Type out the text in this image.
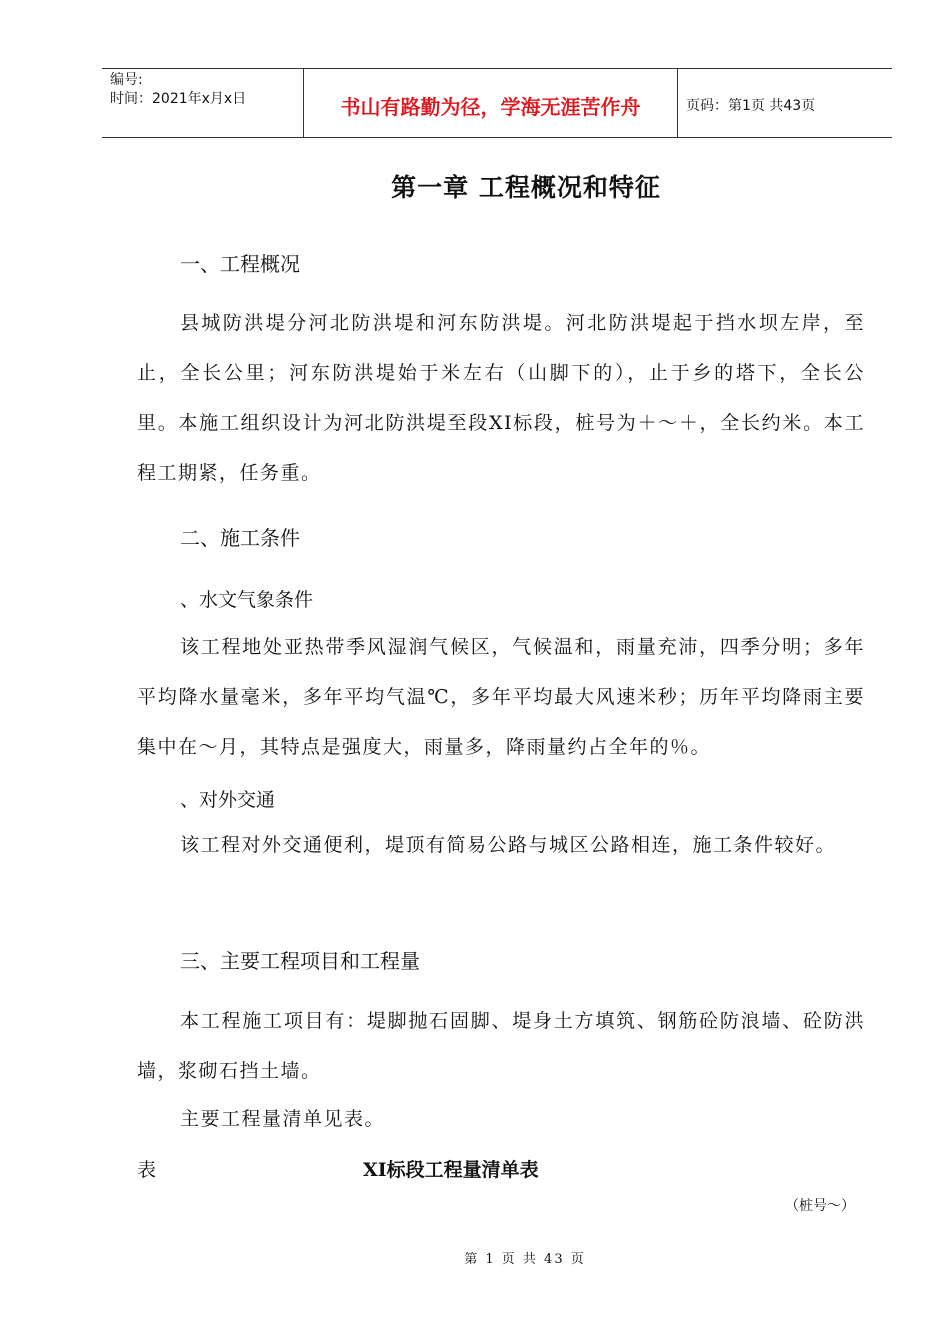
编号:
时间：2021年x月x日	书山有路勤为径，学海无涯苦作舟	页码：第1页 共43页
第一章 工程概况和特征
一、工程概况
县城防洪堤分河北防洪堤和河东防洪堤。河北防洪堤起于挡水坝左岸，至止，全长公里；河东防洪堤始于米左右（山脚下的），止于乡的塔下，全长公里。本施工组织设计为河北防洪堤至段XI标段，桩号为＋～＋，全长约米。本工程工期紧，任务重。
二、施工条件
、水文气象条件
该工程地处亚热带季风湿润气候区，气候温和，雨量充沛，四季分明；多年平均降水量毫米，多年平均气温℃，多年平均最大风速米秒；历年平均降雨主要集中在～月，其特点是强度大，雨量多，降雨量约占全年的％。
、对外交通
该工程对外交通便利，堤顶有简易公路与城区公路相连，施工条件较好。
三、主要工程项目和工程量
本工程施工项目有：堤脚抛石固脚、堤身土方填筑、钢筋砼防浪墙、砼防洪墙，浆砌石挡土墙。
主要工程量清单见表。
表	XI标段工程量清单表
（桩号～）
第 1 页 共 43 页
